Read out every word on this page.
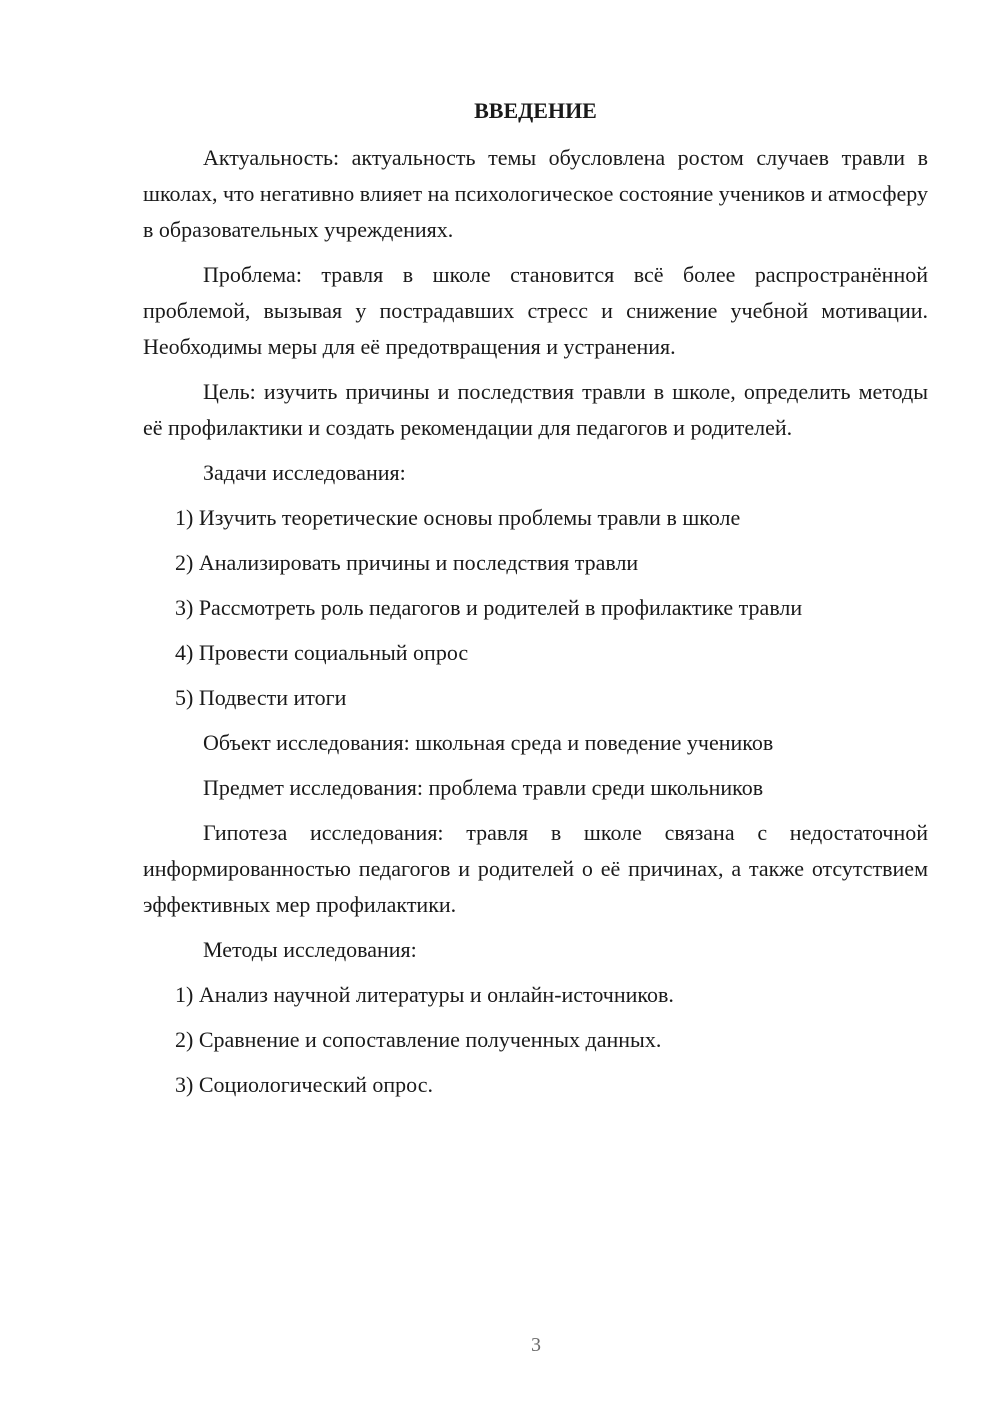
ВВЕДЕНИЕ

Актуальность: актуальность темы обусловлена ростом случаев травли в школах, что негативно влияет на психологическое состояние учеников и атмосферу в образовательных учреждениях.

Проблема: травля в школе становится всё более распространённой проблемой, вызывая у пострадавших стресс и снижение учебной мотивации. Необходимы меры для её предотвращения и устранения.

Цель: изучить причины и последствия травли в школе, определить методы её профилактики и создать рекомендации для педагогов и родителей.

Задачи исследования:

1) Изучить теоретические основы проблемы травли в школе
2) Анализировать причины и последствия травли
3) Рассмотреть роль педагогов и родителей в профилактике травли
4) Провести социальный опрос
5) Подвести итоги

Объект исследования: школьная среда и поведение учеников

Предмет исследования: проблема травли среди школьников

Гипотеза исследования: травля в школе связана с недостаточной информированностью педагогов и родителей о её причинах, а также отсутствием эффективных мер профилактики.

Методы исследования:

1) Анализ научной литературы и онлайн-источников.
2) Сравнение и сопоставление полученных данных.
3) Социологический опрос.
3
